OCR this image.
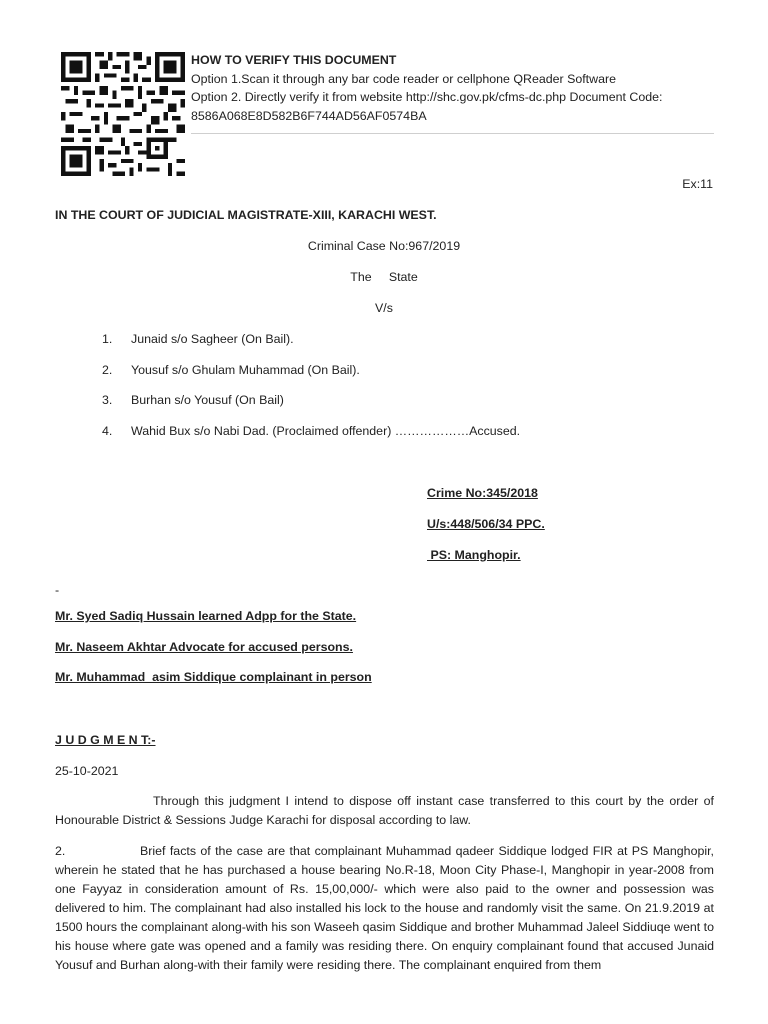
HOW TO VERIFY THIS DOCUMENT
Option 1.Scan it through any bar code reader or cellphone QReader Software
Option 2. Directly verify it from website http://shc.gov.pk/cfms-dc.php Document Code:
8586A068E8D582B6F744AD56AF0574BA
Ex:11
IN THE COURT OF JUDICIAL MAGISTRATE-XIII, KARACHI WEST.
Criminal Case No:967/2019
The     State
V/s
1. Junaid s/o Sagheer (On Bail).
2. Yousuf s/o Ghulam Muhammad (On Bail).
3. Burhan s/o Yousuf (On Bail)
4. Wahid Bux s/o Nabi Dad. (Proclaimed offender) ………………Accused.
Crime No:345/2018
U/s:448/506/34 PPC.
PS: Manghopir.
-
Mr. Syed Sadiq Hussain learned Adpp for the State.
Mr. Naseem Akhtar Advocate for accused persons.
Mr. Muhammad  asim Siddique complainant in person
J U D G M E N T:-
25-10-2021
Through this judgment I intend to dispose off instant case transferred to this court by the order of Honourable District & Sessions Judge Karachi for disposal according to law.
2.	Brief facts of the case are that complainant Muhammad qadeer Siddique lodged FIR at PS Manghopir, wherein he stated that he has purchased a house bearing No.R-18, Moon City Phase-I, Manghopir in year-2008 from one Fayyaz in consideration amount of Rs. 15,00,000/- which were also paid to the owner and possession was delivered to him. The complainant had also installed his lock to the house and randomly visit the same. On 21.9.2019 at 1500 hours the complainant along-with his son Waseeh qasim Siddique and brother Muhammad Jaleel Siddiuqe went to his house where gate was opened and a family was residing there. On enquiry complainant found that accused Junaid Yousuf and Burhan along-with their family were residing there. The complainant enquired from them
